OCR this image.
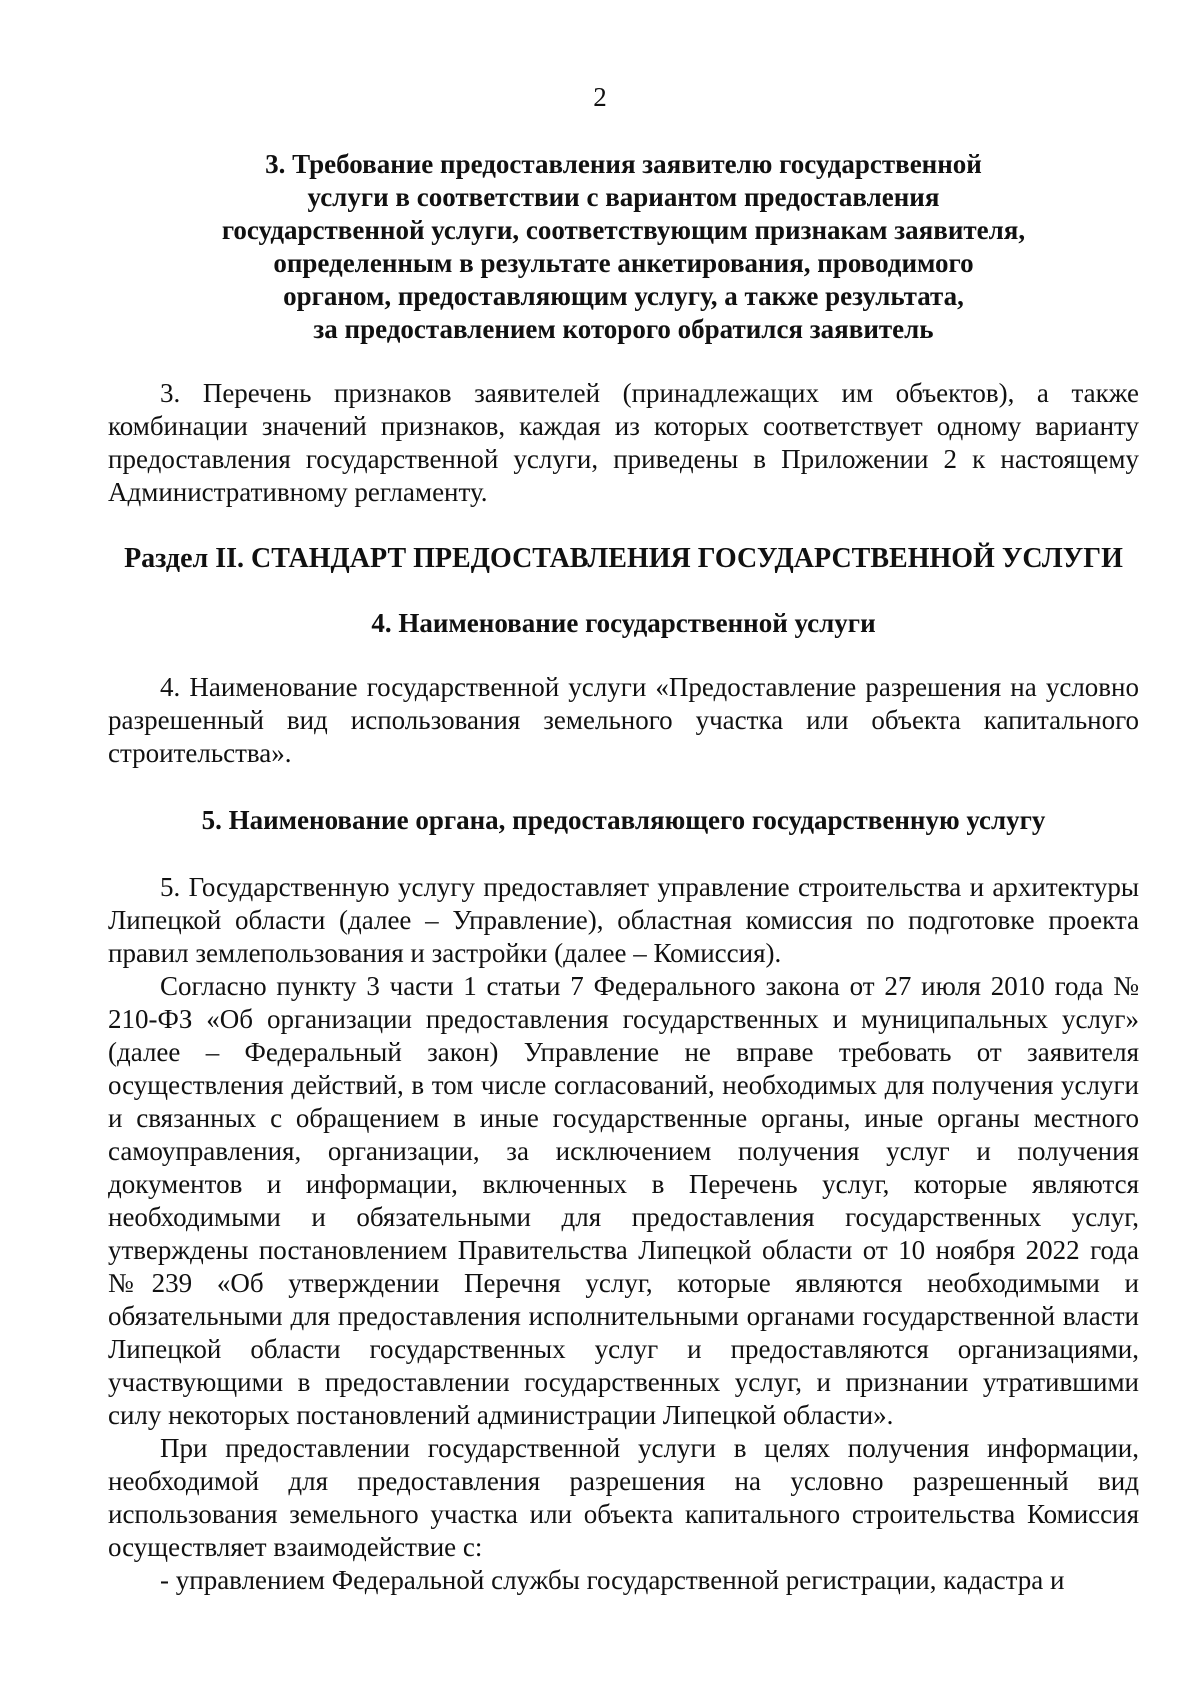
2
3. Требование предоставления заявителю государственной
услуги в соответствии с вариантом предоставления
государственной услуги, соответствующим признакам заявителя,
определенным в результате анкетирования, проводимого
органом, предоставляющим услугу, а также результата,
за предоставлением которого обратился заявитель

3. Перечень признаков заявителей (принадлежащих им объектов), а также комбинации значений признаков, каждая из которых соответствует одному варианту предоставления государственной услуги, приведены в Приложении 2 к настоящему Административному регламенту.

Раздел II. СТАНДАРТ ПРЕДОСТАВЛЕНИЯ ГОСУДАРСТВЕННОЙ УСЛУГИ
4. Наименование государственной услуги

4. Наименование государственной услуги «Предоставление разрешения на условно разрешенный вид использования земельного участка или объекта капитального строительства».

5. Наименование органа, предоставляющего государственную услугу

5. Государственную услугу предоставляет управление строительства и архитектуры Липецкой области (далее – Управление), областная комиссия по подготовке проекта правил землепользования и застройки (далее – Комиссия).

Согласно пункту 3 части 1 статьи 7 Федерального закона от 27 июля 2010 года № 210-ФЗ «Об организации предоставления государственных и муниципальных услуг» (далее – Федеральный закон) Управление не вправе требовать от заявителя осуществления действий, в том числе согласований, необходимых для получения услуги и связанных с обращением в иные государственные органы, иные органы местного самоуправления, организации, за исключением получения услуг и получения документов и информации, включенных в Перечень услуг, которые являются необходимыми и обязательными для предоставления государственных услуг, утверждены постановлением Правительства Липецкой области от 10 ноября 2022 года №239 «Об утверждении Перечня услуг, которые являются необходимыми и обязательными для предоставления исполнительными органами государственной власти Липецкой области государственных услуг и предоставляются организациями, участвующими в предоставлении государственных услуг, и признании утратившими силу некоторых постановлений администрации Липецкой области».

При предоставлении государственной услуги в целях получения информации, необходимой для предоставления разрешения на условно разрешенный вид использования земельного участка или объекта капитального строительства Комиссия осуществляет взаимодействие с:

- управлением Федеральной службы государственной регистрации, кадастра и
